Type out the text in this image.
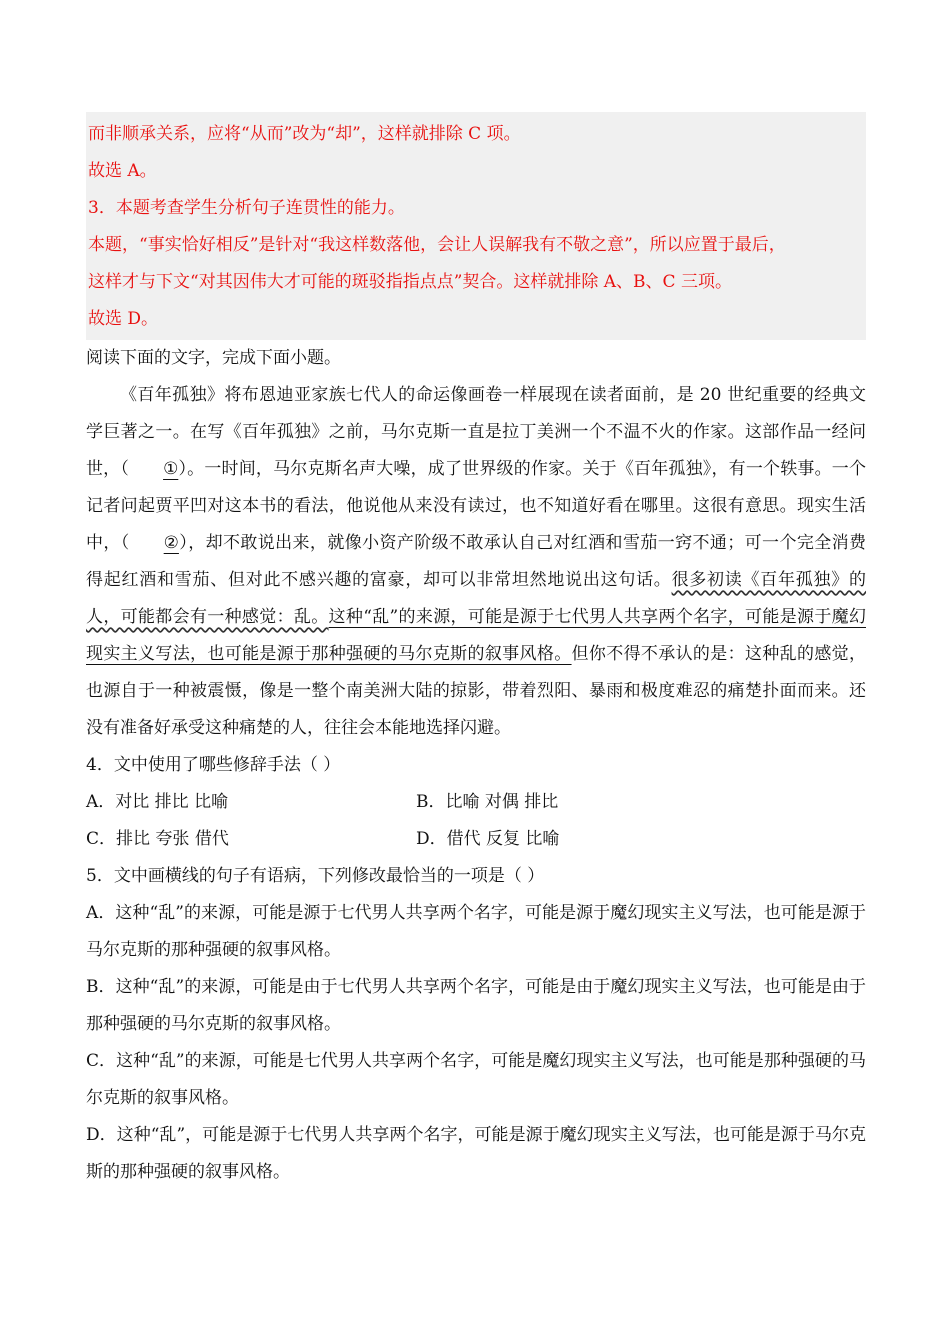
而非顺承关系，应将“从而”改为“却”，这样就排除 C 项。
故选 A。
3．本题考查学生分析句子连贯性的能力。
本题，“事实恰好相反”是针对“我这样数落他，会让人误解我有不敬之意”，所以应置于最后，
这样才与下文“对其因伟大才可能的斑驳指指点点”契合。这样就排除 A、B、C 三项。
故选 D。
阅读下面的文字，完成下面小题。
《百年孤独》将布恩迪亚家族七代人的命运像画卷一样展现在读者面前，是 20 世纪重要的经典文学巨著之一。在写《百年孤独》之前，马尔克斯一直是拉丁美洲一个不温不火的作家。这部作品一经问世，（ ①）。一时间，马尔克斯名声大噪，成了世界级的作家。关于《百年孤独》，有一个轶事。一个记者问起贾平凹对这本书的看法，他说他从来没有读过，也不知道好看在哪里。这很有意思。现实生活中，（ ②），却不敢说出来，就像小资产阶级不敢承认自己对红酒和雪茄一窍不通；可一个完全消费得起红酒和雪茄、但对此不感兴趣的富豪，却可以非常坦然地说出这句话。很多初读《百年孤独》的人，可能都会有一种感觉：乱。这种“乱”的来源，可能是源于七代男人共享两个名字，可能是源于魔幻现实主义写法，也可能是源于那种强硬的马尔克斯的叙事风格。但你不得不承认的是：这种乱的感觉，也源自于一种被震慑，像是一整个南美洲大陆的掠影，带着烈阳、暴雨和极度难忍的痛楚扑面而来。还没有准备好承受这种痛楚的人，往往会本能地选择闪避。
4．文中使用了哪些修辞手法（ ）
A．对比 排比 比喻	B．比喻 对偶 排比
C．排比 夸张 借代	D．借代 反复 比喻
5．文中画横线的句子有语病，下列修改最恰当的一项是（ ）
A．这种“乱”的来源，可能是源于七代男人共享两个名字，可能是源于魔幻现实主义写法，也可能是源于马尔克斯的那种强硬的叙事风格。
B．这种“乱”的来源，可能是由于七代男人共享两个名字，可能是由于魔幻现实主义写法，也可能是由于那种强硬的马尔克斯的叙事风格。
C．这种“乱”的来源，可能是七代男人共享两个名字，可能是魔幻现实主义写法，也可能是那种强硬的马尔克斯的叙事风格。
D．这种“乱”，可能是源于七代男人共享两个名字，可能是源于魔幻现实主义写法，也可能是源于马尔克斯的那种强硬的叙事风格。
